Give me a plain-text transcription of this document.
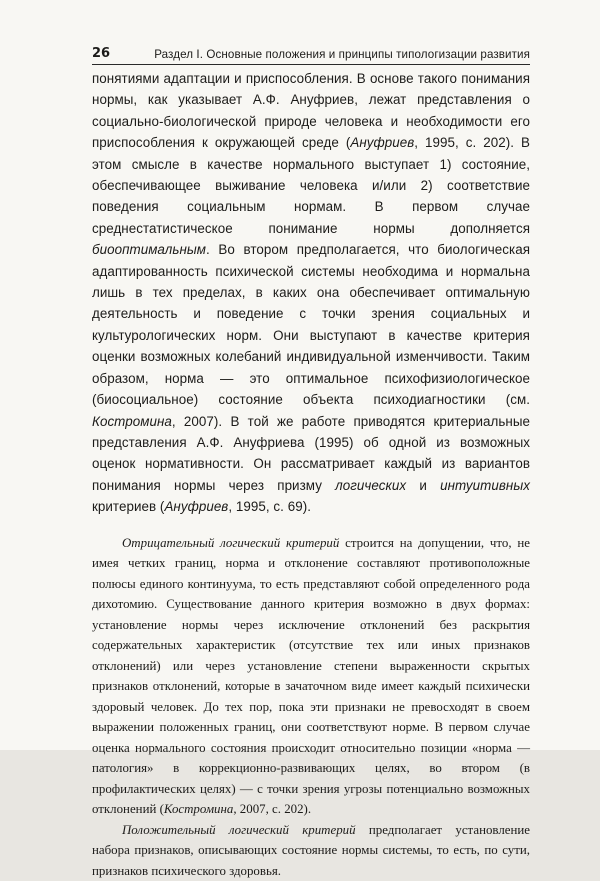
26	Раздел I. Основные положения и принципы типологизации развития

понятиями адаптации и приспособления. В основе такого понимания нормы, как указывает А.Ф. Ануфриев, лежат представления о социально-биологической природе человека и необходимости его приспособления к окружающей среде (Ануфриев, 1995, с. 202). В этом смысле в качестве нормального выступает 1) состояние, обеспечивающее выживание человека и/или 2) соответствие поведения социальным нормам. В первом случае среднестатистическое понимание нормы дополняется биооптимальным. Во втором предполагается, что биологическая адаптированность психической системы необходима и нормальна лишь в тех пределах, в каких она обеспечивает оптимальную деятельность и поведение с точки зрения социальных и культурологических норм. Они выступают в качестве критерия оценки возможных колебаний индивидуальной изменчивости. Таким образом, норма — это оптимальное психофизиологическое (биосоциальное) состояние объекта психодиагностики (см. Костромина, 2007). В той же работе приводятся критериальные представления А.Ф. Ануфриева (1995) об одной из возможных оценок нормативности. Он рассматривает каждый из вариантов понимания нормы через призму логических и интуитивных критериев (Ануфриев, 1995, с. 69).

Отрицательный логический критерий строится на допущении, что, не имея четких границ, норма и отклонение составляют противоположные полюсы единого континуума, то есть представляют собой определенного рода дихотомию. Существование данного критерия возможно в двух формах: установление нормы через исключение отклонений без раскрытия содержательных характеристик (отсутствие тех или иных признаков отклонений) или через установление степени выраженности скрытых признаков отклонений, которые в зачаточном виде имеет каждый психически здоровый человек. До тех пор, пока эти признаки не превосходят в своем выражении положенных границ, они соответствуют норме. В первом случае оценка нормального состояния происходит относительно позиции «норма — патология» в коррекционно-развивающих целях, во втором (в профилактических целях) — с точки зрения угрозы потенциально возможных отклонений (Костромина, 2007, с. 202).

Положительный логический критерий предполагает установление набора признаков, описывающих состояние нормы системы, то есть, по сути, признаков психического здоровья.
